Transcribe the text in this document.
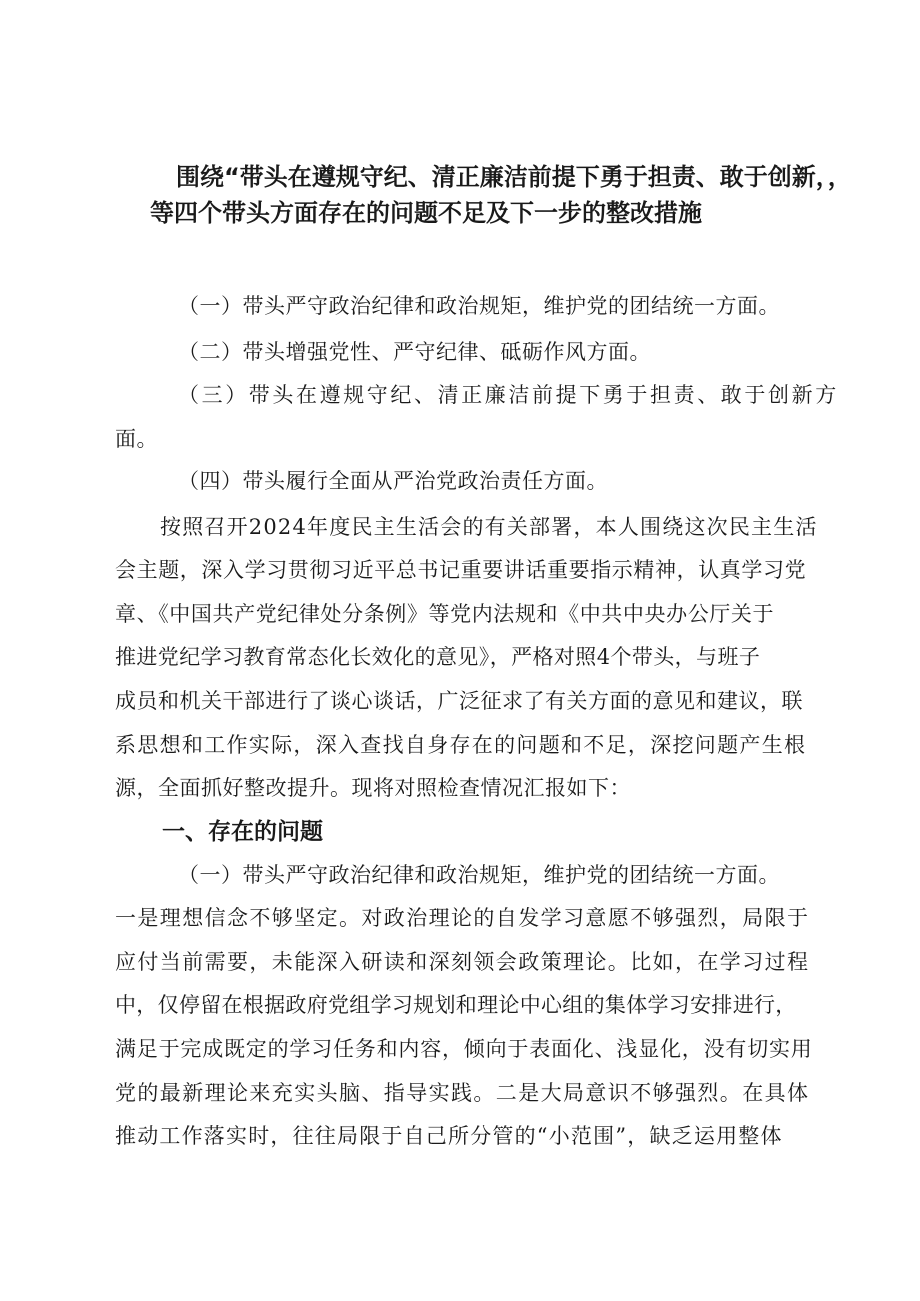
围绕“带头在遵规守纪、清正廉洁前提下勇于担责、敢于创新，，
等四个带头方面存在的问题不足及下一步的整改措施

（一）带头严守政治纪律和政治规矩，维护党的团结统一方面。

（二）带头增强党性、严守纪律、砥砺作风方面。

（三）带头在遵规守纪、清正廉洁前提下勇于担责、敢于创新方

面。

（四）带头履行全面从严治党政治责任方面。

按照召开2024年度民主生活会的有关部署，本人围绕这次民主生活

会主题，深入学习贯彻习近平总书记重要讲话重要指示精神，认真学习党

章、《中国共产党纪律处分条例》等党内法规和《中共中央办公厅关于

推进党纪学习教育常态化长效化的意见》，严格对照4个带头，与班子

成员和机关干部进行了谈心谈话，广泛征求了有关方面的意见和建议，联

系思想和工作实际，深入查找自身存在的问题和不足，深挖问题产生根

源，全面抓好整改提升。现将对照检查情况汇报如下：

一、存在的问题

（一）带头严守政治纪律和政治规矩，维护党的团结统一方面。

一是理想信念不够坚定。对政治理论的自发学习意愿不够强烈，局限于

应付当前需要，未能深入研读和深刻领会政策理论。比如，在学习过程

中，仅停留在根据政府党组学习规划和理论中心组的集体学习安排进行，

满足于完成既定的学习任务和内容，倾向于表面化、浅显化，没有切实用

党的最新理论来充实头脑、指导实践。二是大局意识不够强烈。在具体

推动工作落实时，往往局限于自己所分管的“小范围”，缺乏运用整体
